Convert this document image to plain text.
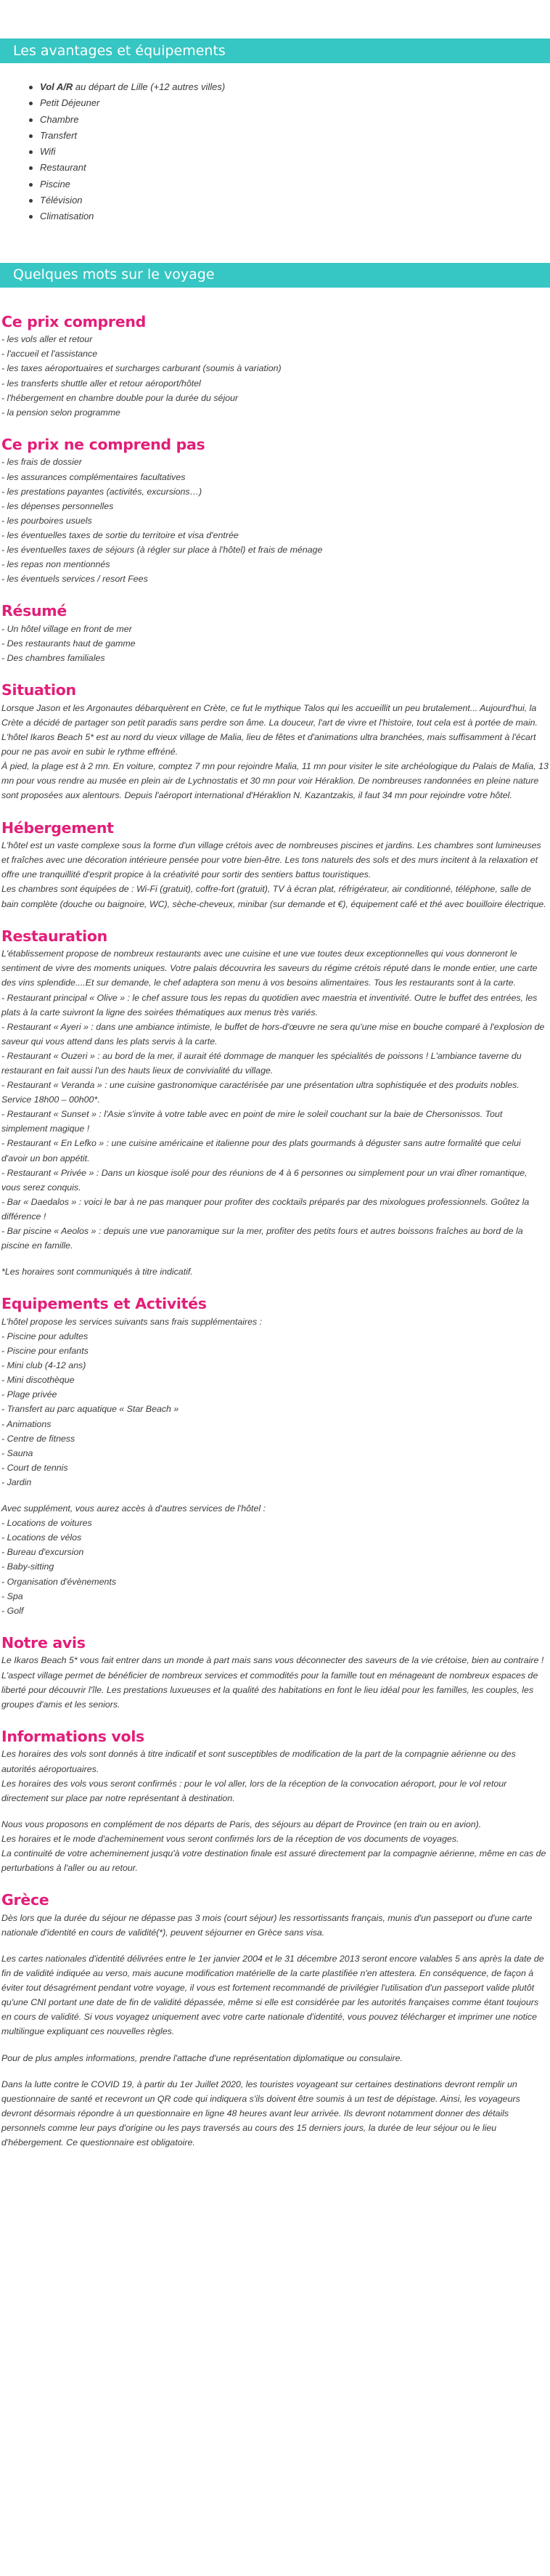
Les avantages et équipements
Vol A/R au départ de Lille (+12 autres villes)
Petit Déjeuner
Chambre
Transfert
Wifi
Restaurant
Piscine
Télévision
Climatisation
Quelques mots sur le voyage
Ce prix comprend
- les vols aller et retour
- l'accueil et l'assistance
- les taxes aéroportuaires et surcharges carburant (soumis à variation)
- les transferts shuttle aller et retour aéroport/hôtel
- l'hébergement en chambre double pour la durée du séjour
- la pension selon programme
Ce prix ne comprend pas
- les frais de dossier
- les assurances complémentaires facultatives
- les prestations payantes (activités, excursions…)
- les dépenses personnelles
- les pourboires usuels
- les éventuelles taxes de sortie du territoire et visa d'entrée
- les éventuelles taxes de séjours (à régler sur place à l'hôtel) et frais de ménage
- les repas non mentionnés
- les éventuels services / resort Fees
Résumé
- Un hôtel village en front de mer
- Des restaurants haut de gamme
- Des chambres familiales
Situation

Lorsque Jason et les Argonautes débarquèrent en Crète, ce fut le mythique Talos qui les accueillit un peu brutalement... Aujourd'hui, la Crète a décidé de partager son petit paradis sans perdre son âme. La douceur, l'art de vivre et l'histoire, tout cela est à portée de main. L'hôtel Ikaros Beach 5* est au nord du vieux village de Malia, lieu de fêtes et d'animations ultra branchées, mais suffisamment à l'écart pour ne pas avoir en subir le rythme effréné.

À pied, la plage est à 2 mn. En voiture, comptez 7 mn pour rejoindre Malia, 11 mn pour visiter le site archéologique du Palais de Malia, 13 mn pour vous rendre au musée en plein air de Lychnostatis et 30 mn pour voir Héraklion. De nombreuses randonnées en pleine nature sont proposées aux alentours. Depuis l'aéroport international d'Héraklion N. Kazantzakis, il faut 34 mn pour rejoindre votre hôtel.

Hébergement

L'hôtel est un vaste complexe sous la forme d'un village crétois avec de nombreuses piscines et jardins. Les chambres sont lumineuses et fraîches avec une décoration intérieure pensée pour votre bien-être. Les tons naturels des sols et des murs incitent à la relaxation et offre une tranquillité d'esprit propice à la créativité pour sortir des sentiers battus touristiques.

Les chambres sont équipées de : Wi-Fi (gratuit), coffre-fort (gratuit), TV à écran plat, réfrigérateur, air conditionné, téléphone, salle de bain complète (douche ou baignoire, WC), sèche-cheveux, minibar (sur demande et €), équipement café et thé avec bouilloire électrique.

Restauration

L'établissement propose de nombreux restaurants avec une cuisine et une vue toutes deux exceptionnelles qui vous donneront le sentiment de vivre des moments uniques. Votre palais découvrira les saveurs du régime crétois réputé dans le monde entier, une carte des vins splendide....Et sur demande, le chef adaptera son menu à vos besoins alimentaires. Tous les restaurants sont à la carte.

- Restaurant principal « Olive » : le chef assure tous les repas du quotidien avec maestria et inventivité. Outre le buffet des entrées, les plats à la carte suivront la ligne des soirées thématiques aux menus très variés.

- Restaurant « Ayeri » : dans une ambiance intimiste, le buffet de hors-d'œuvre ne sera qu'une mise en bouche comparé à l'explosion de saveur qui vous attend dans les plats servis à la carte.

- Restaurant « Ouzeri » : au bord de la mer, il aurait été dommage de manquer les spécialités de poissons ! L'ambiance taverne du restaurant en fait aussi l'un des hauts lieux de convivialité du village.

- Restaurant « Veranda » : une cuisine gastronomique caractérisée par une présentation ultra sophistiquée et des produits nobles. Service 18h00 – 00h00*.

- Restaurant « Sunset » : l'Asie s'invite à votre table avec en point de mire le soleil couchant sur la baie de Chersonissos. Tout simplement magique !

- Restaurant « En Lefko » : une cuisine américaine et italienne pour des plats gourmands à déguster sans autre formalité que celui d'avoir un bon appétit.

- Restaurant « Privée » : Dans un kiosque isolé pour des réunions de 4 à 6 personnes ou simplement pour un vrai dîner romantique, vous serez conquis.

- Bar « Daedalos » : voici le bar à ne pas manquer pour profiter des cocktails préparés par des mixologues professionnels. Goûtez la différence !

- Bar piscine « Aeolos » : depuis une vue panoramique sur la mer, profiter des petits fours et autres boissons fraîches au bord de la piscine en famille.

*Les horaires sont communiqués à titre indicatif.

Equipements et Activités

L'hôtel propose les services suivants sans frais supplémentaires :

- Piscine pour adultes
- Piscine pour enfants
- Mini club (4-12 ans)
- Mini discothèque
- Plage privée
- Transfert au parc aquatique « Star Beach »
- Animations
- Centre de fitness
- Sauna
- Court de tennis
- Jardin

Avec supplément, vous aurez accès à d'autres services de l'hôtel :

- Locations de voitures
- Locations de vélos
- Bureau d'excursion
- Baby-sitting
- Organisation d'évènements
- Spa
- Golf
Notre avis

Le Ikaros Beach 5* vous fait entrer dans un monde à part mais sans vous déconnecter des saveurs de la vie crétoise, bien au contraire ! L'aspect village permet de bénéficier de nombreux services et commodités pour la famille tout en ménageant de nombreux espaces de liberté pour découvrir l'île. Les prestations luxueuses et la qualité des habitations en font le lieu idéal pour les familles, les couples, les groupes d'amis et les seniors.

Informations vols

Les horaires des vols sont donnés à titre indicatif et sont susceptibles de modification de la part de la compagnie aérienne ou des autorités aéroportuaires.

Les horaires des vols vous seront confirmés : pour le vol aller, lors de la réception de la convocation aéroport, pour le vol retour directement sur place par notre représentant à destination.

Nous vous proposons en complément de nos départs de Paris, des séjours au départ de Province (en train ou en avion).

Les horaires et le mode d'acheminement vous seront confirmés lors de la réception de vos documents de voyages.

La continuité de votre acheminement jusqu'à votre destination finale est assuré directement par la compagnie aérienne, même en cas de perturbations à l'aller ou au retour.

Grèce

Dès lors que la durée du séjour ne dépasse pas 3 mois (court séjour) les ressortissants français, munis d'un passeport ou d'une carte nationale d'identité en cours de validité(*), peuvent séjourner en Grèce sans visa.

Les cartes nationales d'identité délivrées entre le 1er janvier 2004 et le 31 décembre 2013 seront encore valables 5 ans après la date de fin de validité indiquée au verso, mais aucune modification matérielle de la carte plastifiée n'en attestera. En conséquence, de façon à éviter tout désagrément pendant votre voyage, il vous est fortement recommandé de privilégier l'utilisation d'un passeport valide plutôt qu'une CNI portant une date de fin de validité dépassée, même si elle est considérée par les autorités françaises comme étant toujours en cours de validité. Si vous voyagez uniquement avec votre carte nationale d'identité, vous pouvez télécharger et imprimer une notice multilingue expliquant ces nouvelles règles.

Pour de plus amples informations, prendre l'attache d'une représentation diplomatique ou consulaire.

Dans la lutte contre le COVID 19, à partir du 1er Juillet 2020, les touristes voyageant sur certaines destinations devront remplir un questionnaire de santé et recevront un QR code qui indiquera s'ils doivent être soumis à un test de dépistage. Ainsi, les voyageurs devront désormais répondre à un questionnaire en ligne 48 heures avant leur arrivée. Ils devront notamment donner des détails personnels comme leur pays d'origine ou les pays traversés au cours des 15 derniers jours, la durée de leur séjour ou le lieu d'hébergement. Ce questionnaire est obligatoire.
